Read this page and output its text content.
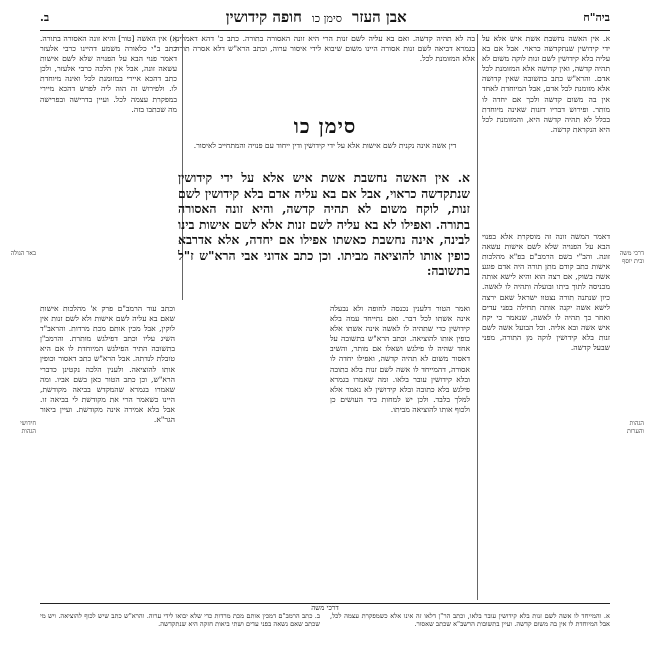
ביה"ח
אבן העזר
סימן כו
חופה קידושין
ב.
א. אין האשה נחשבת אשת איש אלא על ידי קידושין שנתקדשה כראוי. אבל אם בא עליה בלא קידושין לשם זנות לוקה משום לא תהיה קדשה, ואין קדושה אלא המזומנת לכל אדם. והרא"ש כתב בתשובה שאין קדושה אלא מזומנת לכל אדם, אבל המיוחדת לאחד אין בה משום קדשה ולכך אם יחדה לו מותר. ופירוש דבריו דזנות שאינה מיוחדת בכלל לא תהיה קדשה היא, והמזומנת לכל היא הנקראת קדשה.
בה לא תהיה קדשה. ואם בא עליה לשם זנות הרי היא זונה האסורה בתורה. כתב כ' דהא דאמרינן בגמרא דביאה לשם זנות אסורה היינו משום שיבוא לידי איסור ערוה, וכתב הרא"ש דלא אסרה תורה אלא המזומנת לכל.
א) אין האשה [טור] והיא זונה האסורה בתורה. כתב ב"י כלאורה משמע דהיינו כרבי אלעזר דאמר פנוי הבא על הפנויה שלא לשם אישות עשאה זונה, אבל אין הלכה כרבי אלעזר, ולכן כתב דהכא איירי במזומנת לכל ואינה מיוחדת לו. ולפירוש זה הוה ליה לפרש דהכא מיירי במפקרת עצמה לכל. ועיין בדרישה ובפרישה מה שכתבו בזה.
דרכי משה ובית יוסף
הגהות והערות
באר הגולה
חידושי הגהות
סימן כו
דין אשה אינה נקנית לשם אישות אלא על ידי קידושין ודין ייחוד עם פנויה והמתחייב לאיסור.
א. אין האשה נחשבת אשת איש אלא על ידי קידושין שנתקדשה כראוי, אבל אם בא עליה אדם בלא קידושין לשם זנות, לוקח משום לא תהיה קדשה, והיא זונה האסורה בתורה. ואפילו לא בא עליה לשם זנות אלא לשם אישות בינו לבינה, אינה נחשבת כאשתו אפילו אם יחדה, אלא אדרבא כופין אותו להוציאה מביתו. וכן כתב אדוני אבי הרא"ש ז"ל בתשובה:
דאמר המשה זונה זה מוסקרת אלא בפנוי הבא על הפנויה שלא לשם אישות עשאה זונה. והב"י בשם הרמב"ם בפ"א מהלכות אישות כתב קודם מתן תורה היה אדם פוגע אשה בשוק, אם רצה הוא והיא לישא אותה מכניסה לתוך ביתו ובועלה ותהיה לו לאשה. כיון שנתנה תורה נצטוו ישראל שאם ירצה לישא אשה יקנה אותה תחילה בפני עדים ואחר כך תהיה לו לאשה, שנאמר כי יקח איש אשה ובא אליה. וכל הבועל אשה לשם זנות בלא קידושין לוקה מן התורה, מפני שבעל קדשה.
ואמר הטור דלענין נכנסה לחופה ולא נבעלה אינה אשתו לכל דבר. ואם נתייחד עמה בלא קידושין כדי שתהיה לו לאשה אינה אשתו אלא כופין אותו להוציאה. וכתב הרא"ש בתשובה על אחד שהיה לו פילגש ושאלו אם מותר, והשיב דאסור משום לא תהיה קדשה, ואפילו יחדה לו אסורה, דהמייחד לו אשה לשם זנות בלא כתובה ובלא קידושין עובר בלאו. ומה שאמרו בגמרא פילגש בלא כתובה ובלא קידושין לא נאמר אלא למלך בלבד. ולכן יש למחות ביד העושים כן ולכוף אותו להוציאה מביתו.
וכתב עוד הרמב"ם פרק א' מהלכות אישות שאם בא עליה לשם אישות ולא לשם זנות אין לוקין, אבל מכין אותם מכת מרדות. והראב"ד השיג עליו וכתב דפילגש מותרת. והרמב"ן בתשובה התיר הפילגש המיוחדת לו אם היא טובלת לנדתה. אבל הרא"ש כתב דאסור וכופין אותו להוציאה. ולענין הלכה נקטינן כדברי הרא"ש, וכן כתב הטור כאן בשם אביו. ומה שאמרו בגמרא שהמקדש בביאה מקודשת, היינו כשאמר הרי את מקודשת לי בביאה זו. אבל בלא אמירה אינה מקודשת. ועיין ביאור הגר"א.
דרכי משה
א. והמייחד לו אשה לשם זנות בלא קידושין עובר בלאו, וכתב הר"ן דלאו זה אינו אלא כשמפקרת עצמה לכל, אבל המיוחדת לו אין בה משום קדשה. ועיין בתשובות הרשב"א שכתב שאסור.
ב. כתב הרמב"ם דמכין אותם מכת מרדות כדי שלא יבואו לידי ערוה. והרא"ש כתב שיש לכוף להוציאה. ויש מי שכתב שאם נשאה בפני עדים ושתי ביאות חזקה היא שנתקדשה.
